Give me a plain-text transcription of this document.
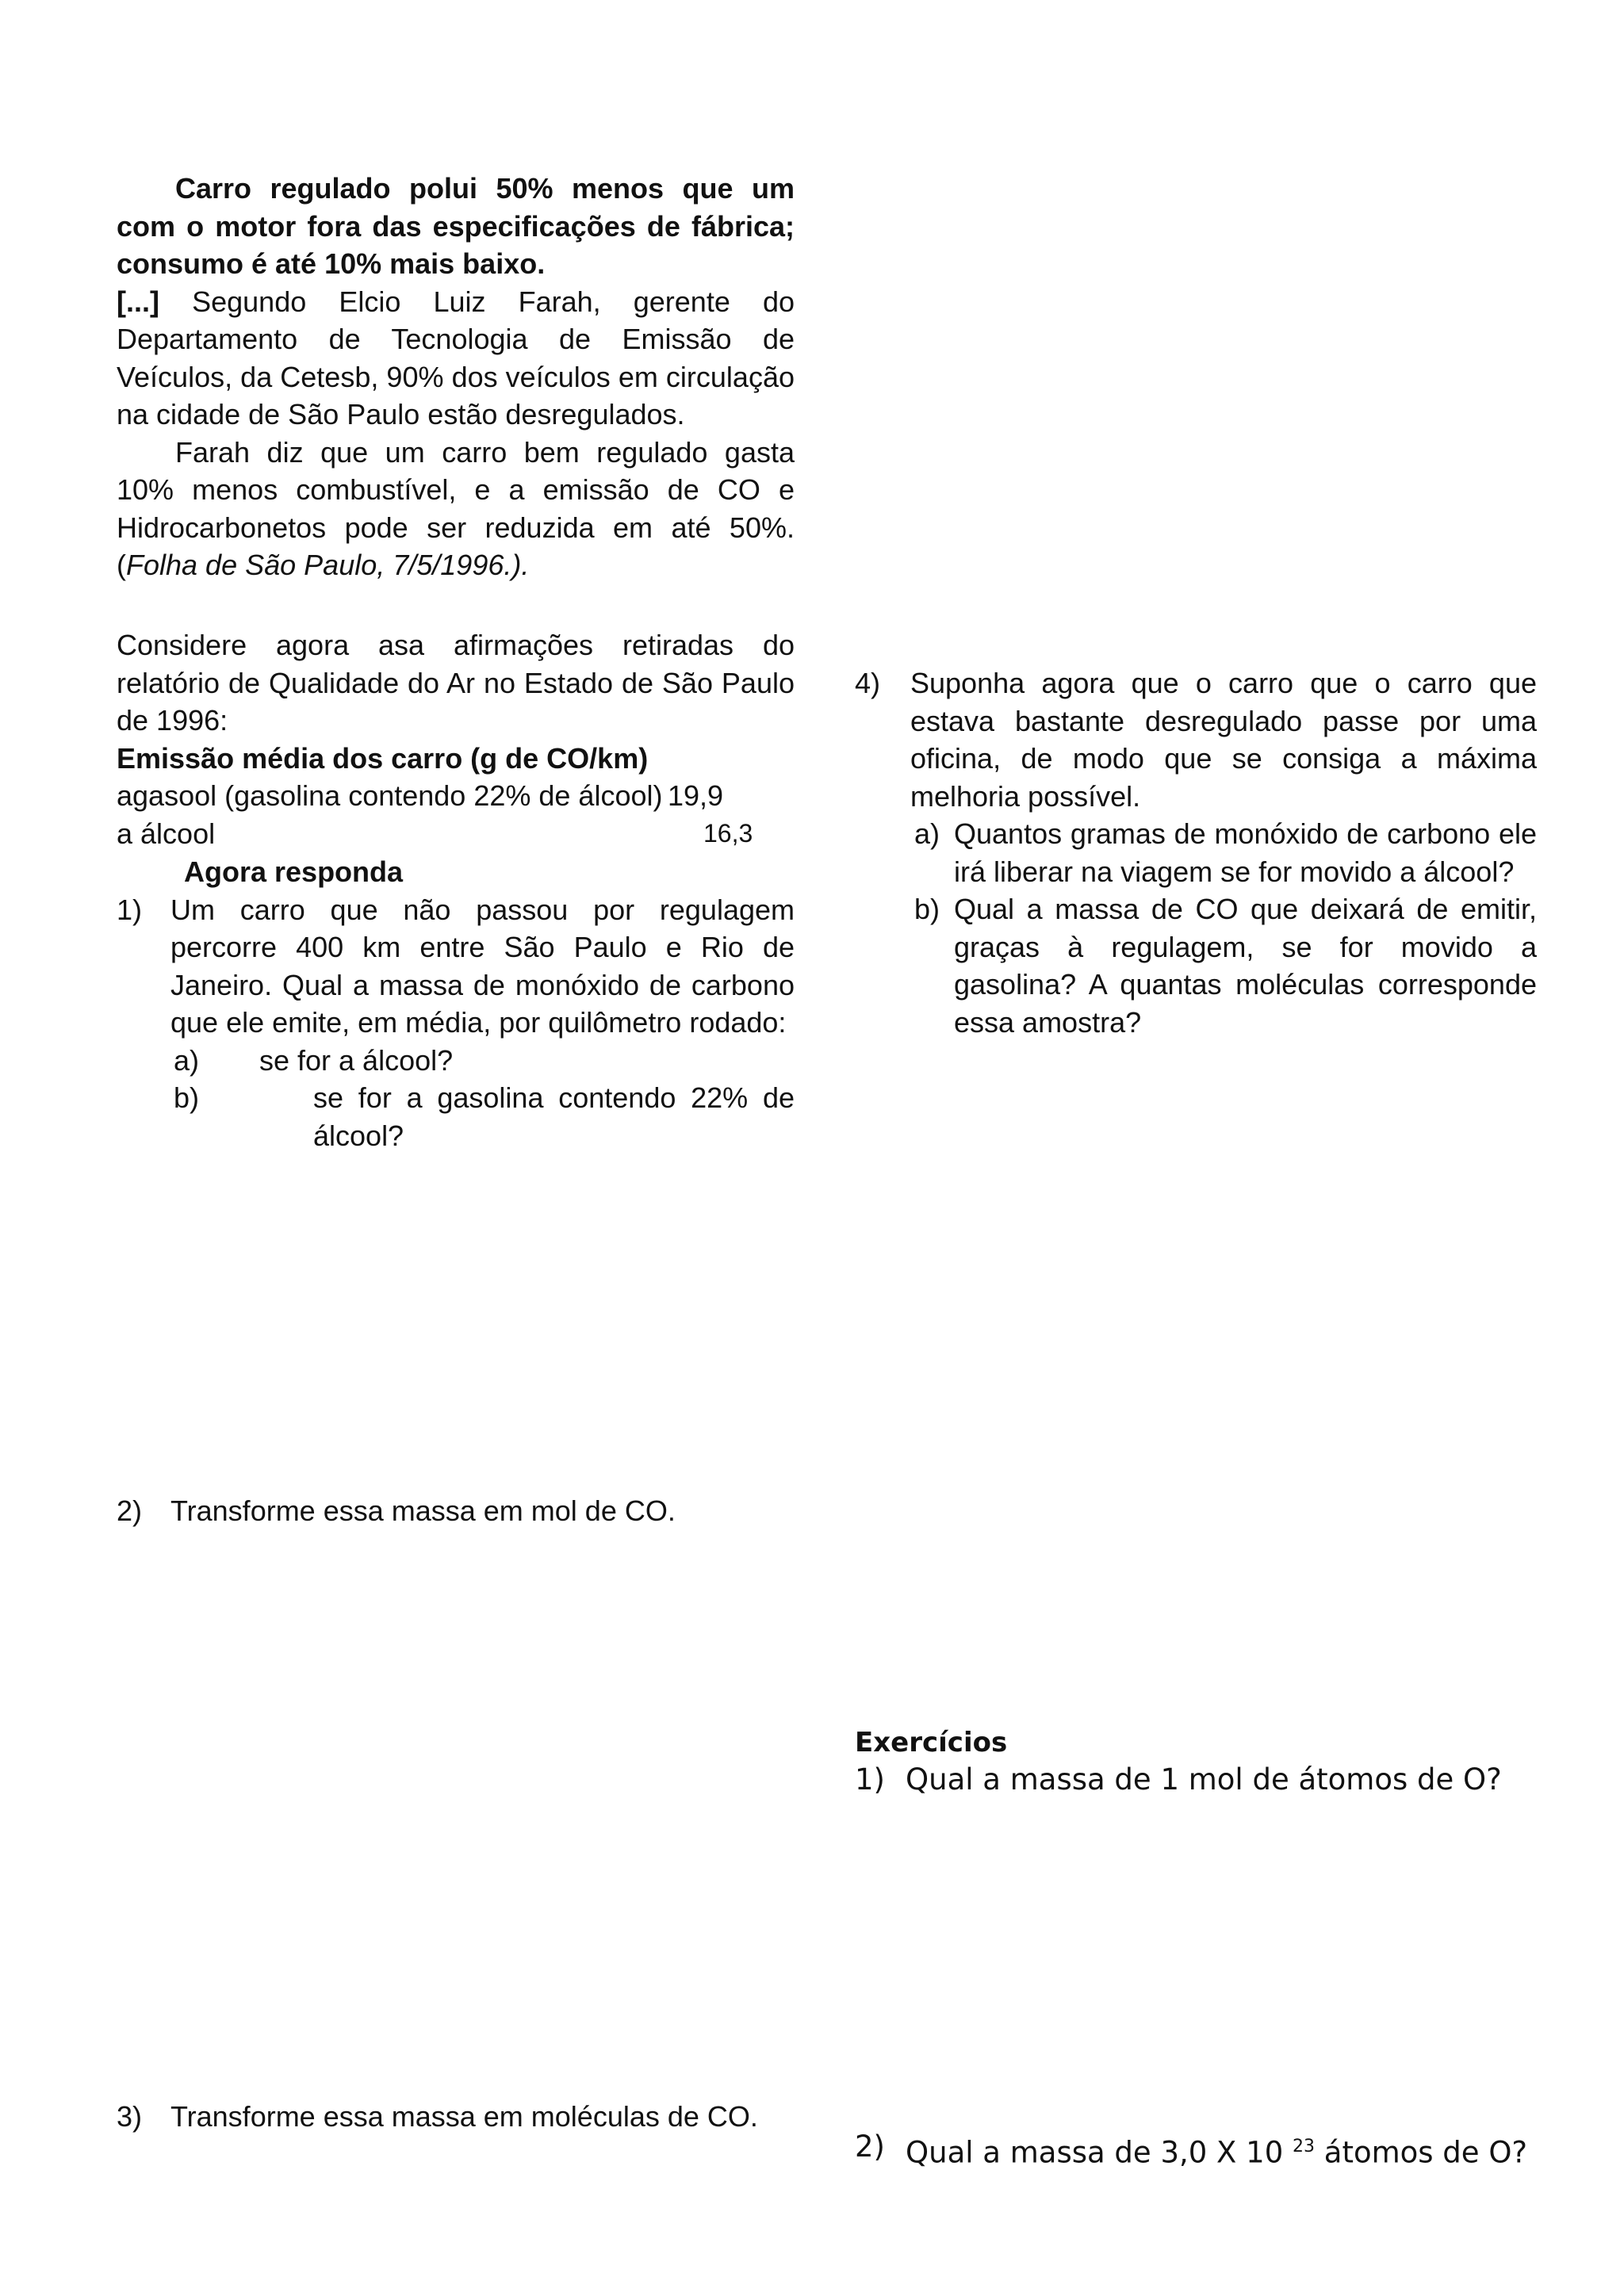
Carro regulado polui 50% menos que um com o motor fora das especificações de fábrica; consumo é até 10% mais baixo.

[...] Segundo Elcio Luiz Farah, gerente do Departamento de Tecnologia de Emissão de Veículos, da Cetesb, 90% dos veículos em circulação na cidade de São Paulo estão desregulados.

Farah diz que um carro bem regulado gasta 10% menos combustível, e a emissão de CO e Hidrocarbonetos pode ser reduzida em até 50%. (Folha de São Paulo, 7/5/1996.).

Considere agora asa afirmações retiradas do relatório de Qualidade do Ar no Estado de São Paulo de 1996:

Emissão média dos carro (g de CO/km)

agasool (gasolina contendo 22% de álcool) 19,9
a álcool	16,3

Agora responda

1) Um carro que não passou por regulagem percorre 400 km entre São Paulo e Rio de Janeiro. Qual a massa de monóxido de carbono que ele emite, em média, por quilômetro rodado:
a) se for a álcool?
b)	se for a gasolina contendo 22% de álcool?
2) Transforme essa massa em mol de CO.
3) Transforme essa massa em moléculas de CO.
4) Suponha agora que o carro que o carro que estava bastante desregulado passe por uma oficina, de modo que se consiga a máxima melhoria possível.
a) Quantos gramas de monóxido de carbono ele irá liberar na viagem se for movido a álcool?
b) Qual a massa de CO que deixará de emitir, graças à regulagem, se for movido a gasolina? A quantas moléculas corresponde essa amostra?
Exercícios
1) Qual a massa de 1 mol de átomos de O?
2) Qual a massa de 3,0 X 10 $^{23}$ átomos de O?
